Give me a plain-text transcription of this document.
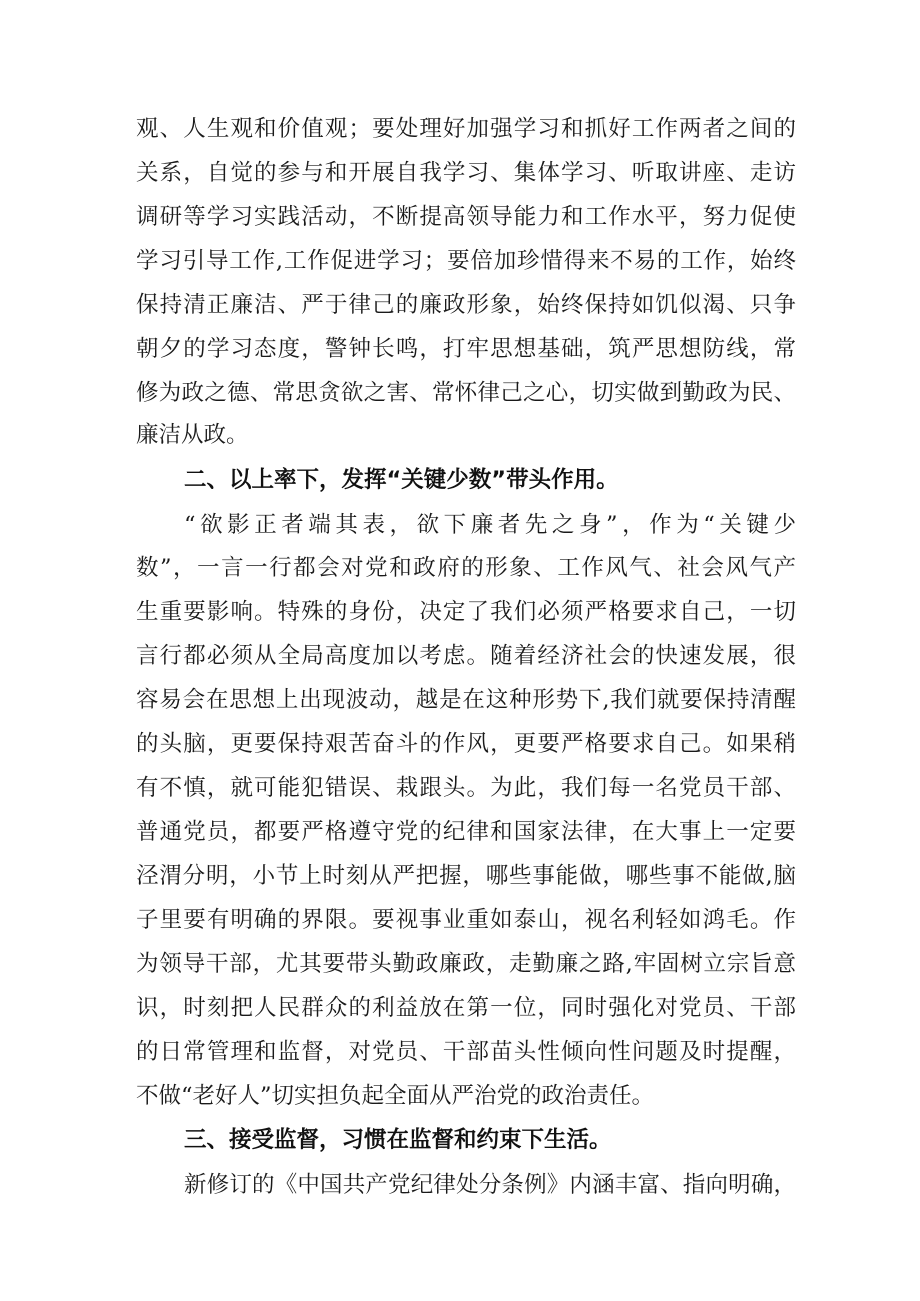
观、人生观和价值观；要处理好加强学习和抓好工作两者之间的
关系，自觉的参与和开展自我学习、集体学习、听取讲座、走访
调研等学习实践活动，不断提高领导能力和工作水平，努力促使
学习引导工作,工作促进学习；要倍加珍惜得来不易的工作，始终
保持清正廉洁、严于律己的廉政形象，始终保持如饥似渴、只争
朝夕的学习态度，警钟长鸣，打牢思想基础，筑严思想防线，常
修为政之德、常思贪欲之害、常怀律己之心，切实做到勤政为民、
廉洁从政。
二、以上率下，发挥“关键少数”带头作用。
“欲影正者端其表，欲下廉者先之身”，作为“关键少
数”，一言一行都会对党和政府的形象、工作风气、社会风气产
生重要影响。特殊的身份，决定了我们必须严格要求自己，一切
言行都必须从全局高度加以考虑。随着经济社会的快速发展，很
容易会在思想上出现波动，越是在这种形势下,我们就要保持清醒
的头脑，更要保持艰苦奋斗的作风，更要严格要求自己。如果稍
有不慎，就可能犯错误、栽跟头。为此，我们每一名党员干部、
普通党员，都要严格遵守党的纪律和国家法律，在大事上一定要
泾渭分明，小节上时刻从严把握，哪些事能做，哪些事不能做,脑
子里要有明确的界限。要视事业重如泰山，视名利轻如鸿毛。作
为领导干部，尤其要带头勤政廉政，走勤廉之路,牢固树立宗旨意
识，时刻把人民群众的利益放在第一位，同时强化对党员、干部
的日常管理和监督，对党员、干部苗头性倾向性问题及时提醒，
不做“老好人”切实担负起全面从严治党的政治责任。
三、接受监督，习惯在监督和约束下生活。
新修订的《中国共产党纪律处分条例》内涵丰富、指向明确，
